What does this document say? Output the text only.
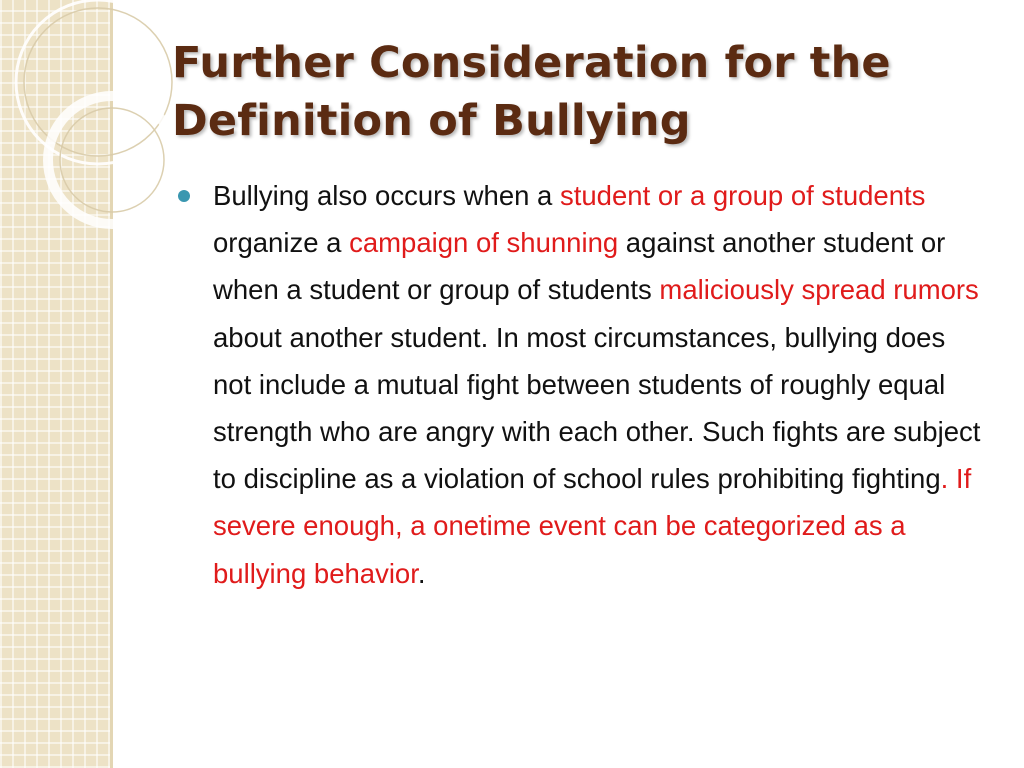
Further Consideration for the
Definition of Bullying
Bullying also occurs when a student or a group of students organize a campaign of shunning against another student or when a student or group of students maliciously spread rumors about another student. In most circumstances, bullying does not include a mutual fight between students of roughly equal strength who are angry with each other. Such fights are subject to discipline as a violation of school rules prohibiting fighting. If severe enough, a onetime event can be categorized as a bullying behavior.
